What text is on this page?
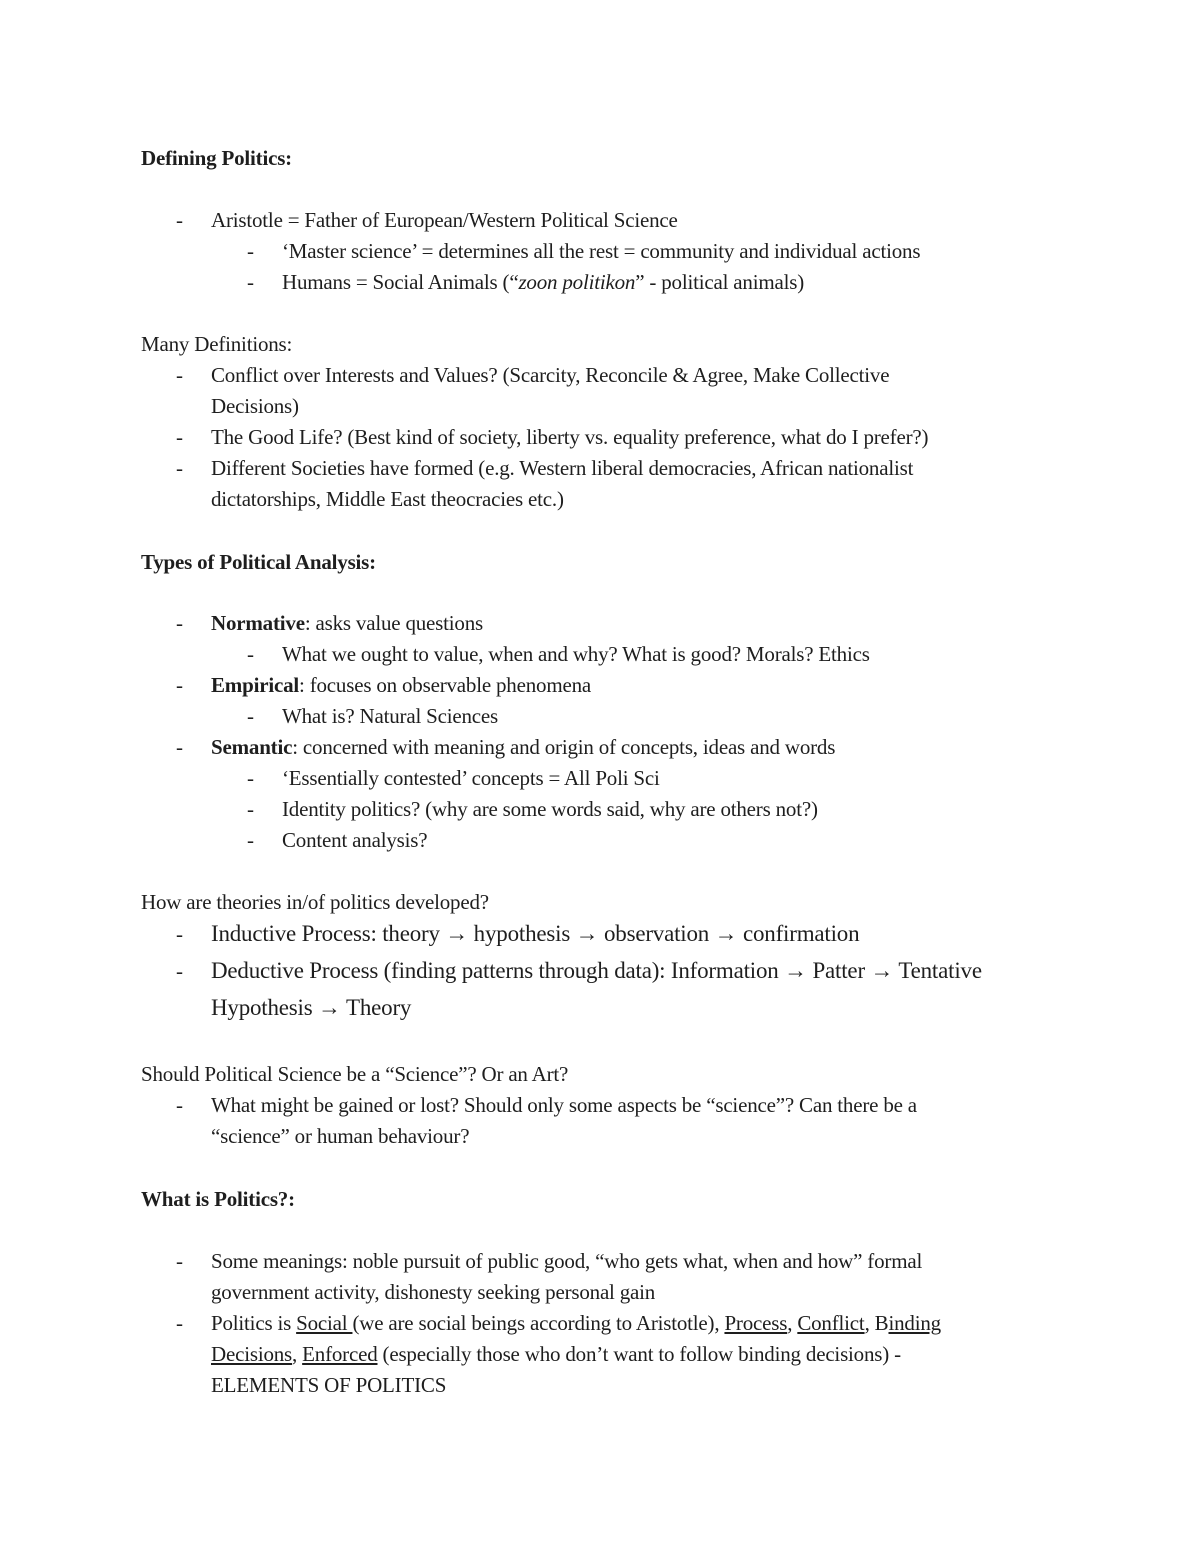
Defining Politics:
- Aristotle = Father of European/Western Political Science
- ‘Master science’ = determines all the rest = community and individual actions
- Humans = Social Animals (“zoon politikon” - political animals)
Many Definitions:
- Conflict over Interests and Values? (Scarcity, Reconcile & Agree, Make Collective
Decisions)
- The Good Life? (Best kind of society, liberty vs. equality preference, what do I prefer?)
- Different Societies have formed (e.g. Western liberal democracies, African nationalist
dictatorships, Middle East theocracies etc.)
Types of Political Analysis:
- Normative: asks value questions
- What we ought to value, when and why? What is good? Morals? Ethics
- Empirical: focuses on observable phenomena
- What is? Natural Sciences
- Semantic: concerned with meaning and origin of concepts, ideas and words
- ‘Essentially contested’ concepts = All Poli Sci
- Identity politics? (why are some words said, why are others not?)
- Content analysis?
How are theories in/of politics developed?
- Inductive Process: theory → hypothesis → observation → confirmation
- Deductive Process (finding patterns through data): Information → Patter → Tentative
Hypothesis → Theory
Should Political Science be a “Science”? Or an Art?
- What might be gained or lost? Should only some aspects be “science”? Can there be a
“science” or human behaviour?
What is Politics?:
- Some meanings: noble pursuit of public good, “who gets what, when and how” formal
government activity, dishonesty seeking personal gain
- Politics is Social (we are social beings according to Aristotle), Process, Conflict, Binding
Decisions, Enforced (especially those who don’t want to follow binding decisions) -
ELEMENTS OF POLITICS
